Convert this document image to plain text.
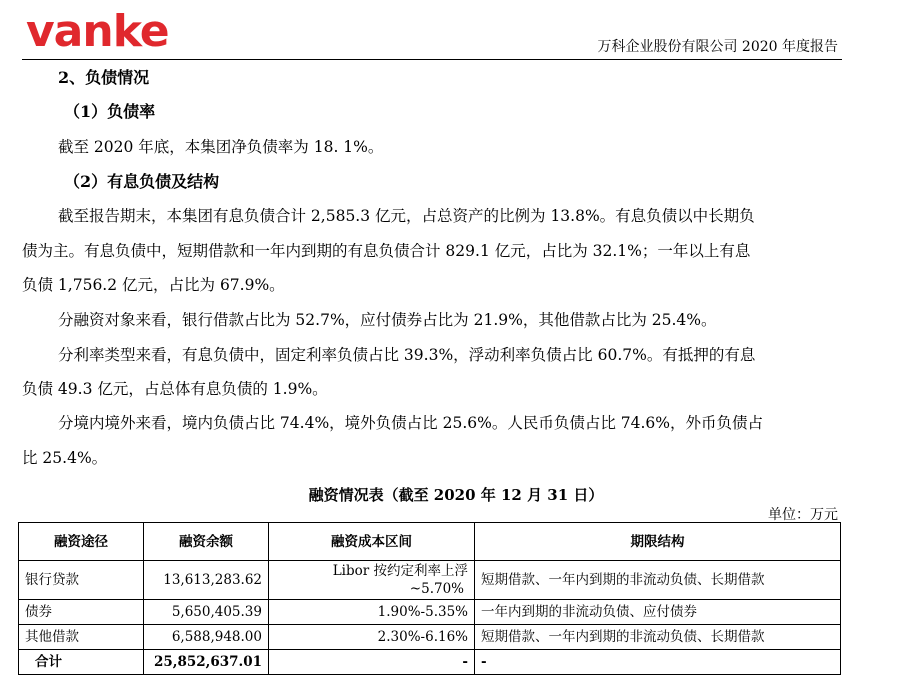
vanke	万科企业股份有限公司 2020 年度报告
2、负债情况
（1）负债率
截至 2020 年底，本集团净负债率为 18. 1%。
（2）有息负债及结构
截至报告期末，本集团有息负债合计 2,585.3 亿元，占总资产的比例为 13.8%。有息负债以中长期负
债为主。有息负债中，短期借款和一年内到期的有息负债合计 829.1 亿元，占比为 32.1%；一年以上有息
负债 1,756.2 亿元，占比为 67.9%。
分融资对象来看，银行借款占比为 52.7%，应付债券占比为 21.9%，其他借款占比为 25.4%。
分利率类型来看，有息负债中，固定利率负债占比 39.3%，浮动利率负债占比 60.7%。有抵押的有息
负债 49.3 亿元，占总体有息负债的 1.9%。
分境内境外来看，境内负债占比 74.4%，境外负债占比 25.6%。人民币负债占比 74.6%，外币负债占
比 25.4%。
融资情况表（截至 2020 年 12 月 31 日）
单位：万元
融资途径	融资余额	融资成本区间	期限结构
银行贷款	13,613,283.62	Libor 按约定利率上浮
~5.70%	短期借款、一年内到期的非流动负债、长期借款
债券	5,650,405.39	1.90%-5.35%	一年内到期的非流动负债、应付债券
其他借款	6,588,948.00	2.30%-6.16%	短期借款、一年内到期的非流动负债、长期借款
合计	25,852,637.01	-	-
